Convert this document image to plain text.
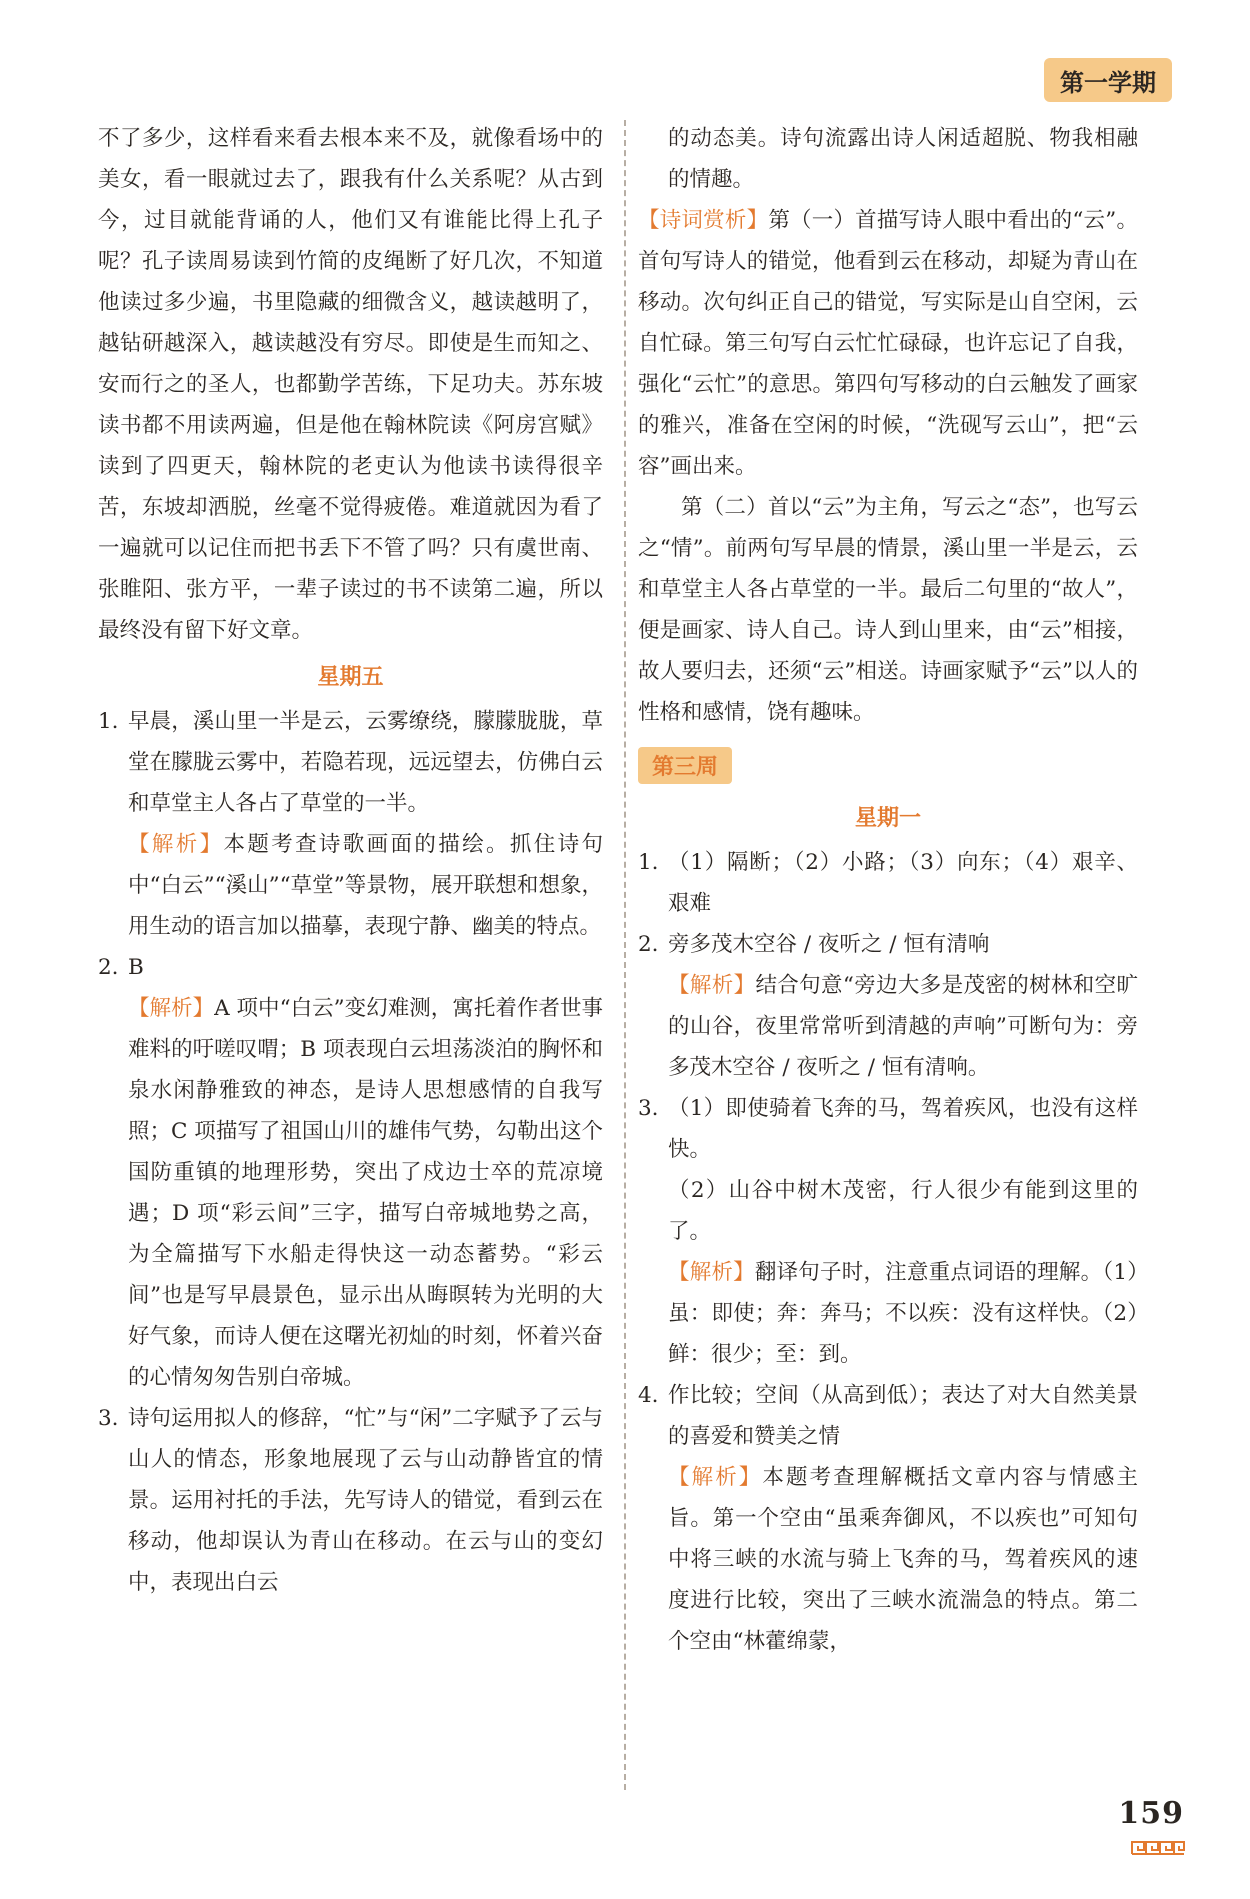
第一学期

不了多少，这样看来看去根本来不及，就像看场中的美女，看一眼就过去了，跟我有什么关系呢？从古到今，过目就能背诵的人，他们又有谁能比得上孔子呢？孔子读周易读到竹简的皮绳断了好几次，不知道他读过多少遍，书里隐藏的细微含义，越读越明了，越钻研越深入，越读越没有穷尽。即使是生而知之、安而行之的圣人，也都勤学苦练，下足功夫。苏东坡读书都不用读两遍，但是他在翰林院读《阿房宫赋》读到了四更天，翰林院的老吏认为他读书读得很辛苦，东坡却洒脱，丝毫不觉得疲倦。难道就因为看了一遍就可以记住而把书丢下不管了吗？只有虞世南、张睢阳、张方平，一辈子读过的书不读第二遍，所以最终没有留下好文章。

星期五
1. 早晨，溪山里一半是云，云雾缭绕，朦朦胧胧，草堂在朦胧云雾中，若隐若现，远远望去，仿佛白云和草堂主人各占了草堂的一半。

【解析】本题考查诗歌画面的描绘。抓住诗句中“白云”“溪山”“草堂”等景物，展开联想和想象，用生动的语言加以描摹，表现宁静、幽美的特点。

2. B

【解析】A 项中“白云”变幻难测，寓托着作者世事难料的吁嗟叹喟；B 项表现白云坦荡淡泊的胸怀和泉水闲静雅致的神态，是诗人思想感情的自我写照；C 项描写了祖国山川的雄伟气势，勾勒出这个国防重镇的地理形势，突出了戍边士卒的荒凉境遇；D 项“彩云间”三字，描写白帝城地势之高，为全篇描写下水船走得快这一动态蓄势。“彩云间”也是写早晨景色，显示出从晦暝转为光明的大好气象，而诗人便在这曙光初灿的时刻，怀着兴奋的心情匆匆告别白帝城。

3. 诗句运用拟人的修辞，“忙”与“闲”二字赋予了云与山人的情态，形象地展现了云与山动静皆宜的情景。运用衬托的手法，先写诗人的错觉，看到云在移动，他却误认为青山在移动。在云与山的变幻中，表现出白云

的动态美。诗句流露出诗人闲适超脱、物我相融的情趣。

【诗词赏析】第（一）首描写诗人眼中看出的“云”。首句写诗人的错觉，他看到云在移动，却疑为青山在移动。次句纠正自己的错觉，写实际是山自空闲，云自忙碌。第三句写白云忙忙碌碌，也许忘记了自我，强化“云忙”的意思。第四句写移动的白云触发了画家的雅兴，准备在空闲的时候，“洗砚写云山”，把“云容”画出来。

第（二）首以“云”为主角，写云之“态”，也写云之“情”。前两句写早晨的情景，溪山里一半是云，云和草堂主人各占草堂的一半。最后二句里的“故人”，便是画家、诗人自己。诗人到山里来，由“云”相接，故人要归去，还须“云”相送。诗画家赋予“云”以人的性格和感情，饶有趣味。

第三周
星期一
1. （1）隔断；（2）小路；（3）向东；（4）艰辛、艰难
2. 旁多茂木空谷 / 夜听之 / 恒有清响

【解析】结合句意“旁边大多是茂密的树林和空旷的山谷，夜里常常听到清越的声响”可断句为：旁多茂木空谷 / 夜听之 / 恒有清响。

3. （1）即使骑着飞奔的马，驾着疾风，也没有这样快。

（2）山谷中树木茂密，行人很少有能到这里的了。

【解析】翻译句子时，注意重点词语的理解。（1）虽：即使；奔：奔马；不以疾：没有这样快。（2）鲜：很少；至：到。

4. 作比较；空间（从高到低）；表达了对大自然美景的喜爱和赞美之情

【解析】本题考查理解概括文章内容与情感主旨。第一个空由“虽乘奔御风，不以疾也”可知句中将三峡的水流与骑上飞奔的马，驾着疾风的速度进行比较，突出了三峡水流湍急的特点。第二个空由“林藿绵蒙，

159
